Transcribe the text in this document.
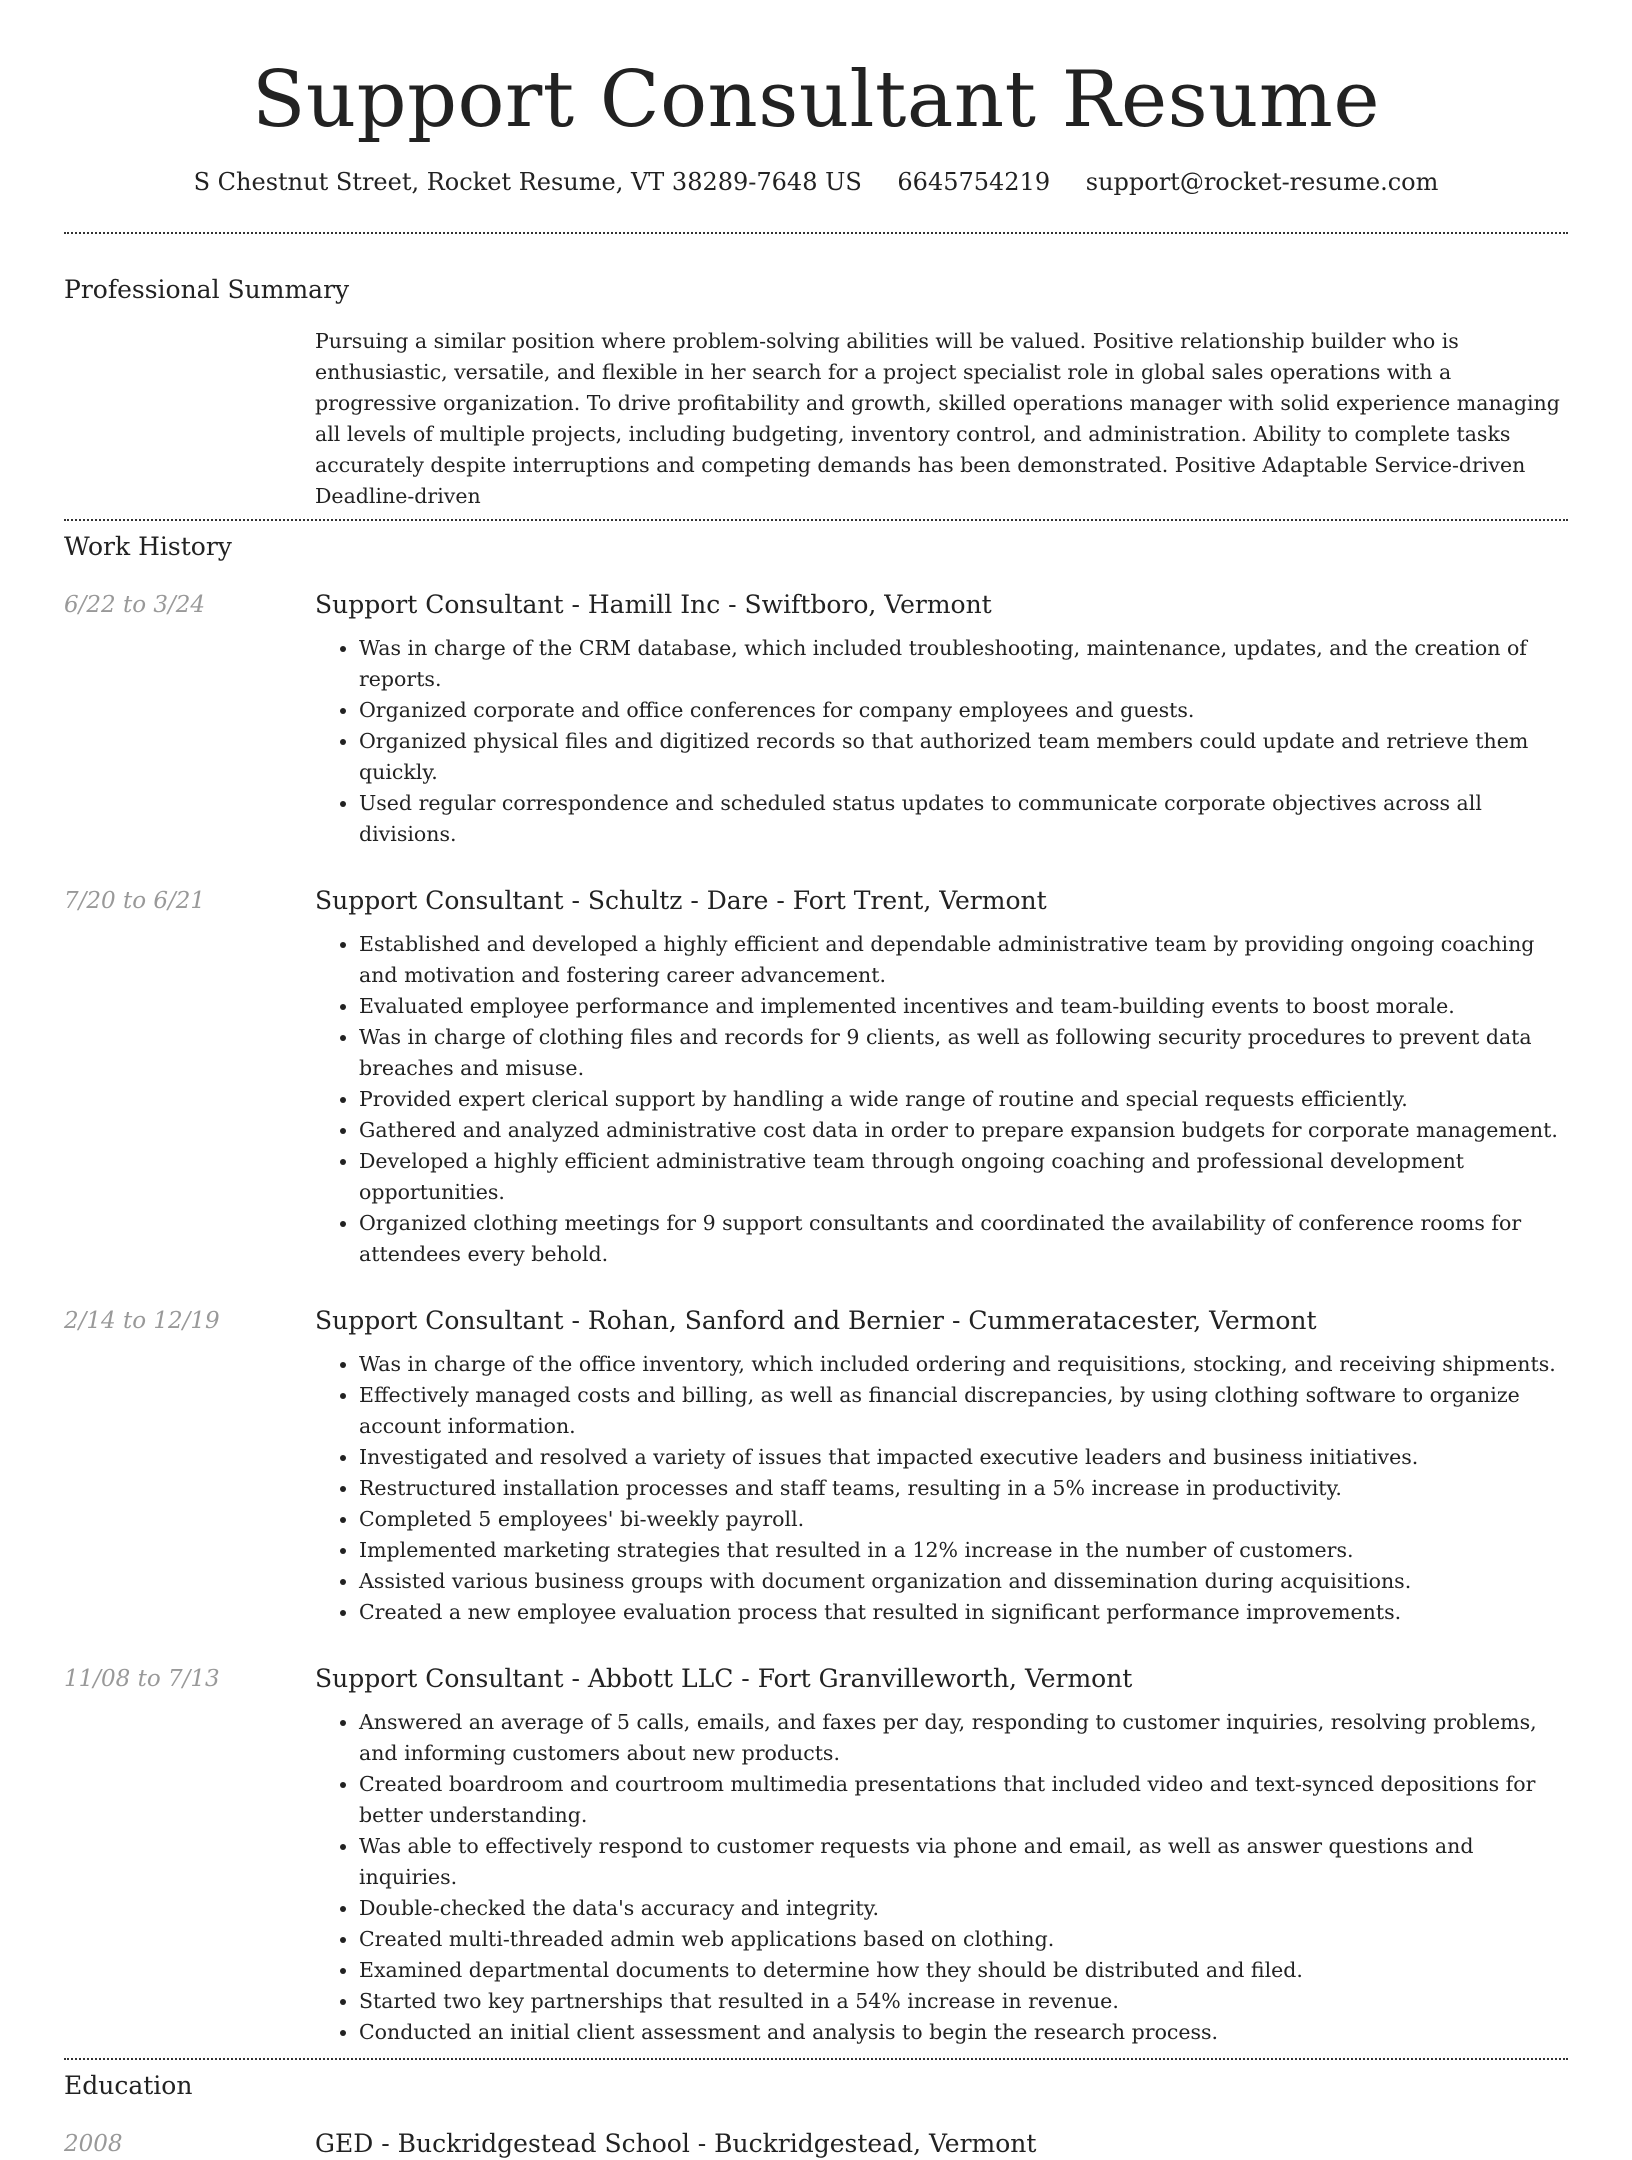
Support Consultant Resume
S Chestnut Street, Rocket Resume, VT 38289-7648 US 6645754219 support@rocket-resume.com
Professional Summary
Pursuing a similar position where problem-solving abilities will be valued. Positive relationship builder who is enthusiastic, versatile, and flexible in her search for a project specialist role in global sales operations with a progressive organization. To drive profitability and growth, skilled operations manager with solid experience managing all levels of multiple projects, including budgeting, inventory control, and administration. Ability to complete tasks accurately despite interruptions and competing demands has been demonstrated. Positive Adaptable Service-driven Deadline-driven
Work History
6/22 to 3/24	Support Consultant - Hamill Inc - Swiftboro, Vermont
• Was in charge of the CRM database, which included troubleshooting, maintenance, updates, and the creation of reports.
• Organized corporate and office conferences for company employees and guests.
• Organized physical files and digitized records so that authorized team members could update and retrieve them quickly.
• Used regular correspondence and scheduled status updates to communicate corporate objectives across all divisions.
7/20 to 6/21	Support Consultant - Schultz - Dare - Fort Trent, Vermont
• Established and developed a highly efficient and dependable administrative team by providing ongoing coaching and motivation and fostering career advancement.
• Evaluated employee performance and implemented incentives and team-building events to boost morale.
• Was in charge of clothing files and records for 9 clients, as well as following security procedures to prevent data breaches and misuse.
• Provided expert clerical support by handling a wide range of routine and special requests efficiently.
• Gathered and analyzed administrative cost data in order to prepare expansion budgets for corporate management.
• Developed a highly efficient administrative team through ongoing coaching and professional development opportunities.
• Organized clothing meetings for 9 support consultants and coordinated the availability of conference rooms for attendees every behold.
2/14 to 12/19	Support Consultant - Rohan, Sanford and Bernier - Cummeratacester, Vermont
• Was in charge of the office inventory, which included ordering and requisitions, stocking, and receiving shipments.
• Effectively managed costs and billing, as well as financial discrepancies, by using clothing software to organize account information.
• Investigated and resolved a variety of issues that impacted executive leaders and business initiatives.
• Restructured installation processes and staff teams, resulting in a 5% increase in productivity.
• Completed 5 employees' bi-weekly payroll.
• Implemented marketing strategies that resulted in a 12% increase in the number of customers.
• Assisted various business groups with document organization and dissemination during acquisitions.
• Created a new employee evaluation process that resulted in significant performance improvements.
11/08 to 7/13	Support Consultant - Abbott LLC - Fort Granvilleworth, Vermont
• Answered an average of 5 calls, emails, and faxes per day, responding to customer inquiries, resolving problems, and informing customers about new products.
• Created boardroom and courtroom multimedia presentations that included video and text-synced depositions for better understanding.
• Was able to effectively respond to customer requests via phone and email, as well as answer questions and inquiries.
• Double-checked the data's accuracy and integrity.
• Created multi-threaded admin web applications based on clothing.
• Examined departmental documents to determine how they should be distributed and filed.
• Started two key partnerships that resulted in a 54% increase in revenue.
• Conducted an initial client assessment and analysis to begin the research process.
Education
2008	GED - Buckridgestead School - Buckridgestead, Vermont
